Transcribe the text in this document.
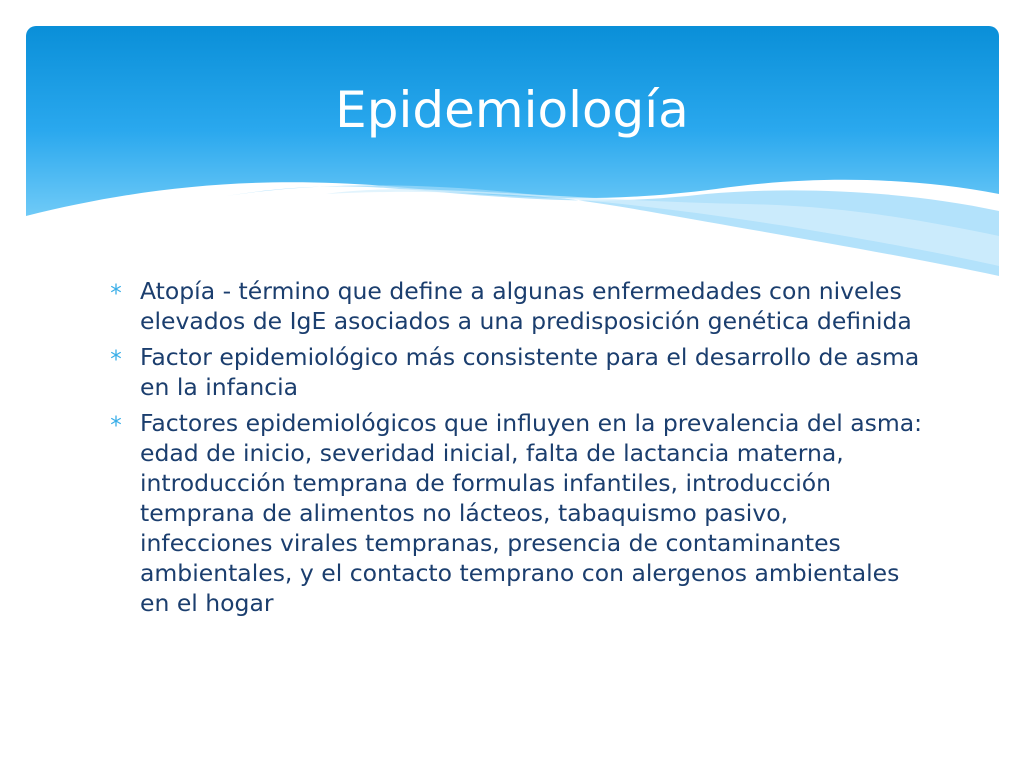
Epidemiología
Atopía - término que define a algunas enfermedades con niveles elevados de IgE asociados a una predisposición genética definida
Factor epidemiológico más consistente para el desarrollo de asma en la infancia
Factores epidemiológicos que influyen en la prevalencia del asma: edad de inicio, severidad inicial, falta de lactancia materna, introducción temprana de formulas infantiles, introducción temprana de alimentos no lácteos, tabaquismo pasivo, infecciones virales tempranas, presencia de contaminantes ambientales, y el contacto temprano con alergenos ambientales en el hogar
